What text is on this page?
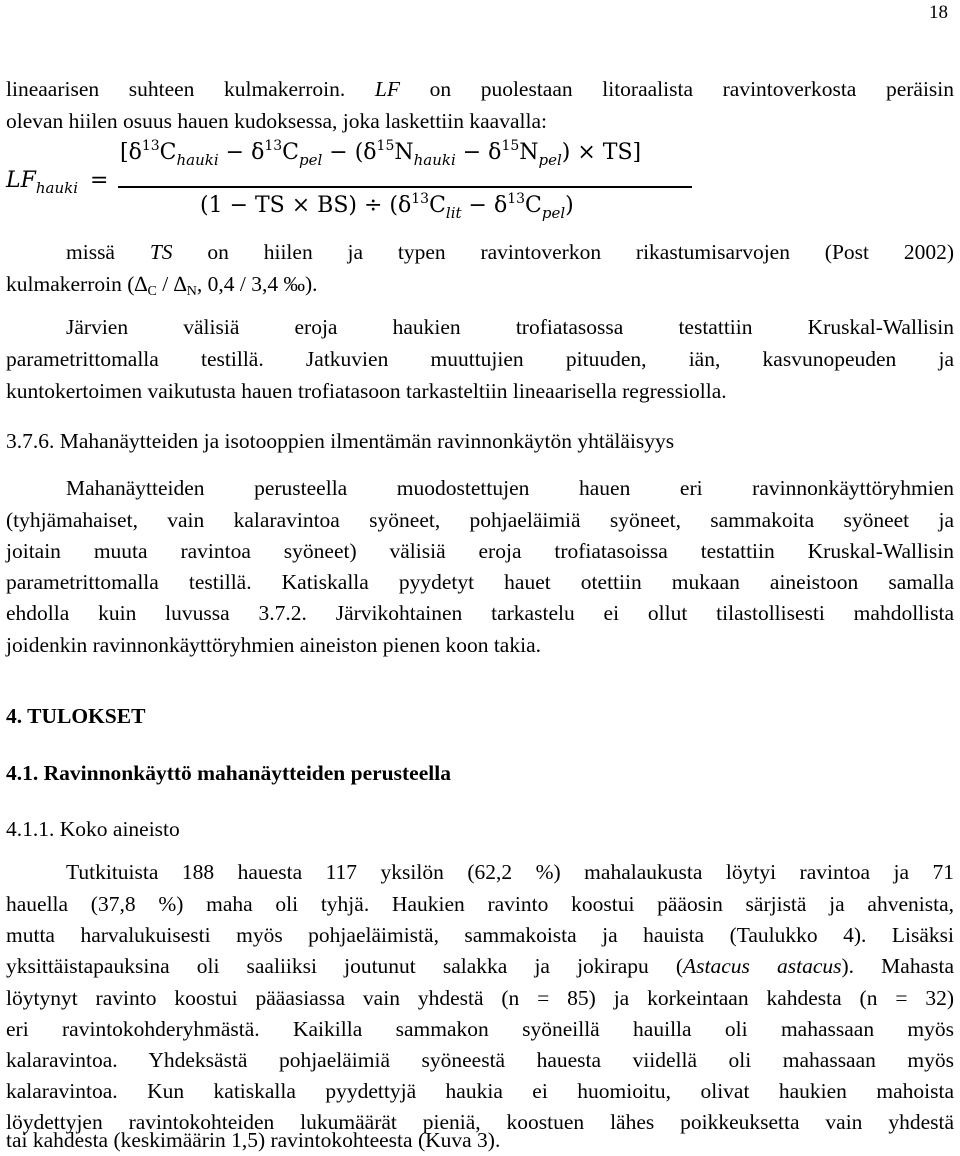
18
lineaarisen suhteen kulmakerroin. LF on puolestaan litoraalista ravintoverkosta peräisin
olevan hiilen osuus hauen kudoksessa, joka laskettiin kaavalla:
$LF_{hauki}$ =
$[\delta^{13}C_{hauki} - \delta^{13}C_{pel} - (\delta^{15}N_{hauki} - \delta^{15}N_{pel}) \times TS]$
(1 − TS × $BS) \div (\delta^{13}C_{lit} - \delta^{13}C_{pel})$
missä TS on hiilen ja typen ravintoverkon rikastumisarvojen (Post 2002)
kulmakerroin (∆C / ∆N, 0,4 / 3,4 ‰).
Järvien välisiä eroja haukien trofiatasossa testattiin Kruskal-Wallisin
parametrittomalla testillä. Jatkuvien muuttujien pituuden, iän, kasvunopeuden ja
kuntokertoimen vaikutusta hauen trofiatasoon tarkasteltiin lineaarisella regressiolla.
3.7.6. Mahanäytteiden ja isotooppien ilmentämän ravinnonkäytön yhtäläisyys
Mahanäytteiden perusteella muodostettujen hauen eri ravinnonkäyttöryhmien
(tyhjämahaiset, vain kalaravintoa syöneet, pohjaeläimiä syöneet, sammakoita syöneet ja
joitain muuta ravintoa syöneet) välisiä eroja trofiatasoissa testattiin Kruskal-Wallisin
parametrittomalla testillä. Katiskalla pyydetyt hauet otettiin mukaan aineistoon samalla
ehdolla kuin luvussa 3.7.2. Järvikohtainen tarkastelu ei ollut tilastollisesti mahdollista
joidenkin ravinnonkäyttöryhmien aineiston pienen koon takia.
4. TULOKSET
4.1. Ravinnonkäyttö mahanäytteiden perusteella
4.1.1. Koko aineisto
Tutkituista 188 hauesta 117 yksilön (62,2 %) mahalaukusta löytyi ravintoa ja 71
hauella (37,8 %) maha oli tyhjä. Haukien ravinto koostui pääosin särjistä ja ahvenista,
mutta harvalukuisesti myös pohjaeläimistä, sammakoista ja hauista (Taulukko 4). Lisäksi
yksittäistapauksina oli saaliiksi joutunut salakka ja jokirapu (Astacus astacus). Mahasta
löytynyt ravinto koostui pääasiassa vain yhdestä (n = 85) ja korkeintaan kahdesta (n = 32)
eri ravintokohderyhmästä. Kaikilla sammakon syöneillä hauilla oli mahassaan myös
kalaravintoa. Yhdeksästä pohjaeläimiä syöneestä hauesta viidellä oli mahassaan myös
kalaravintoa. Kun katiskalla pyydettyjä haukia ei huomioitu, olivat haukien mahoista
löydettyjen ravintokohteiden lukumäärät pieniä, koostuen lähes poikkeuksetta vain yhdestä
tai kahdesta (keskimäärin 1,5) ravintokohteesta (Kuva 3).
